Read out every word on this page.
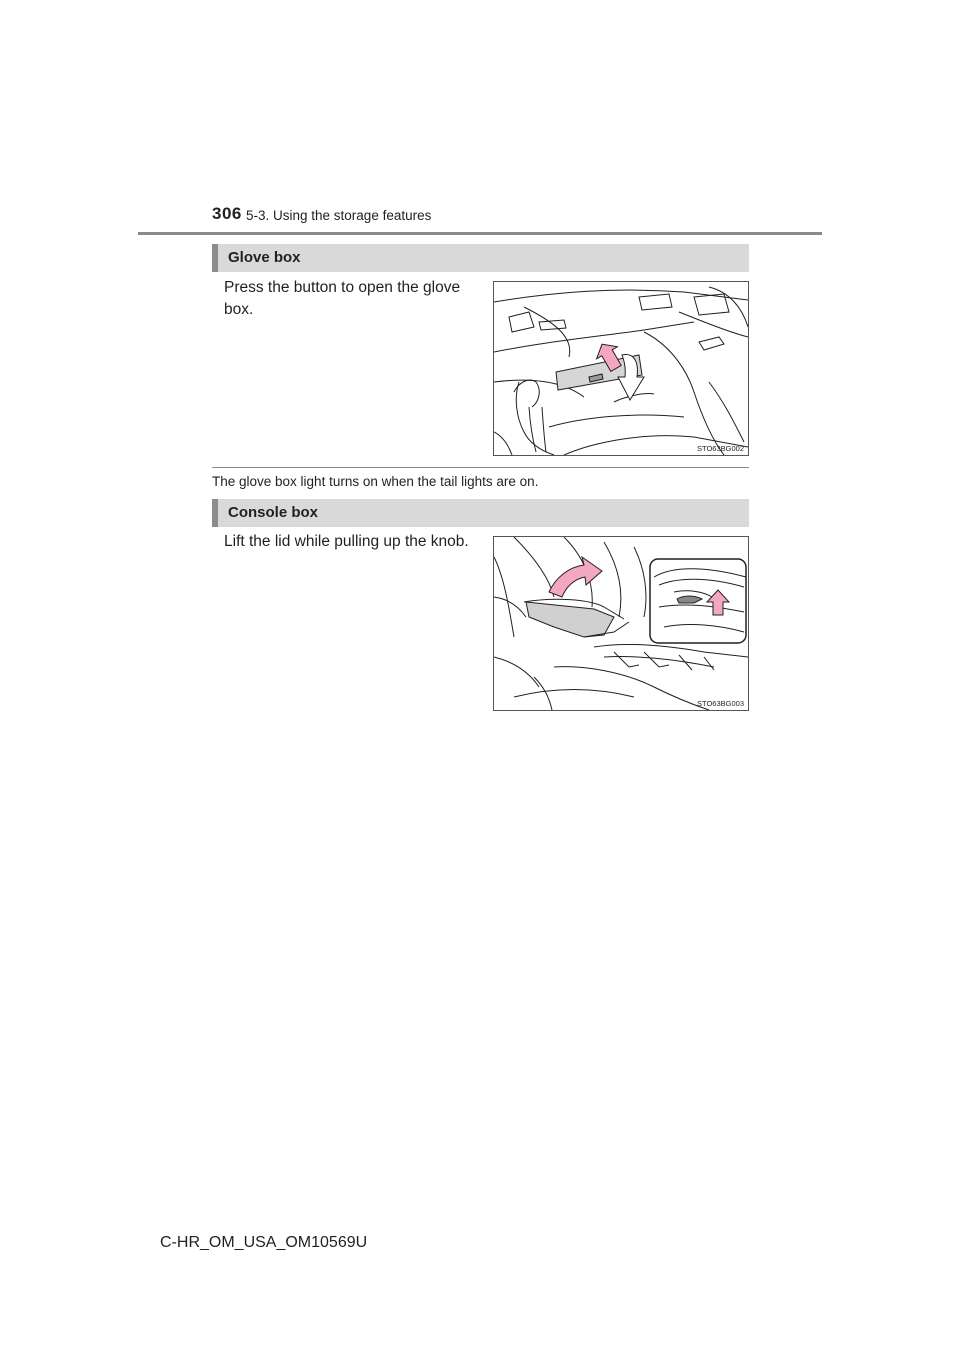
306 5-3. Using the storage features
Glove box
Press the button to open the glove box.
STO63BG002
The glove box light turns on when the tail lights are on.
Console box
Lift the lid while pulling up the knob.
STO63BG003
C-HR_OM_USA_OM10569U
